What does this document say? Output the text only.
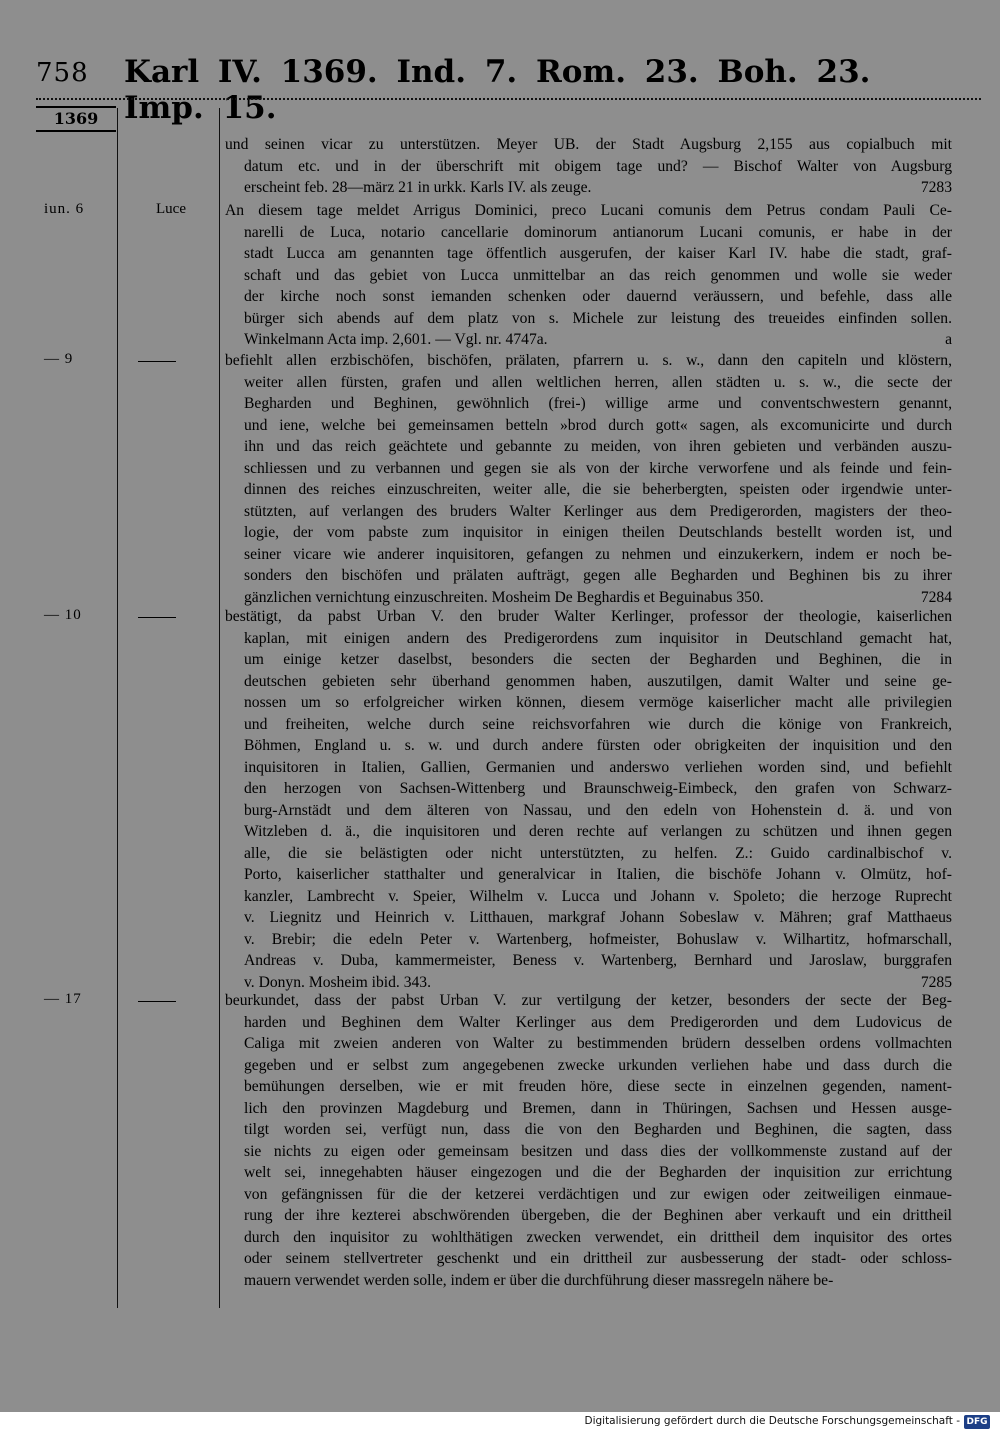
758 Karl IV. 1369. Ind. 7. Rom. 23. Boh. 23. Imp. 15.
1369
und seinen vicar zu unterstützen. Meyer UB. der Stadt Augsburg 2,155 aus copialbuch mit
datum etc. und in der überschrift mit obigem tage und? — Bischof Walter von Augsburg
erscheint feb. 28—märz 21 in urkk. Karls IV. als zeuge.	7283
iun. 6	Luce	An diesem tage meldet Arrigus Dominici, preco Lucani comunis dem Petrus condam Pauli Ce-
narelli de Luca, notario cancellarie dominorum antianorum Lucani comunis, er habe in der
stadt Lucca am genannten tage öffentlich ausgerufen, der kaiser Karl IV. habe die stadt, graf-
schaft und das gebiet von Lucca unmittelbar an das reich genommen und wolle sie weder
der kirche noch sonst iemanden schenken oder dauernd veräussern, und befehle, dass alle
bürger sich abends auf dem platz von s. Michele zur leistung des treueides einfinden sollen.
Winkelmann Acta imp. 2,601. — Vgl. nr. 4747a.	a
— 9	befiehlt allen erzbischöfen, bischöfen, prälaten, pfarrern u. s. w., dann den capiteln und klöstern,
weiter allen fürsten, grafen und allen weltlichen herren, allen städten u. s. w., die secte der
Begharden und Beghinen, gewöhnlich (frei-) willige arme und conventschwestern genannt,
und iene, welche bei gemeinsamen betteln »brod durch gott« sagen, als excomunicirte und durch
ihn und das reich geächtete und gebannte zu meiden, von ihren gebieten und verbänden auszu-
schliessen und zu verbannen und gegen sie als von der kirche verworfene und als feinde und fein-
dinnen des reiches einzuschreiten, weiter alle, die sie beherbergten, speisten oder irgendwie unter-
stützten, auf verlangen des bruders Walter Kerlinger aus dem Predigerorden, magisters der theo-
logie, der vom pabste zum inquisitor in einigen theilen Deutschlands bestellt worden ist, und
seiner vicare wie anderer inquisitoren, gefangen zu nehmen und einzukerkern, indem er noch be-
sonders den bischöfen und prälaten aufträgt, gegen alle Begharden und Beghinen bis zu ihrer
gänzlichen vernichtung einzuschreiten. Mosheim De Beghardis et Beguinabus 350.	7284
— 10	bestätigt, da pabst Urban V. den bruder Walter Kerlinger, professor der theologie, kaiserlichen
kaplan, mit einigen andern des Predigerordens zum inquisitor in Deutschland gemacht hat,
um einige ketzer daselbst, besonders die secten der Begharden und Beghinen, die in
deutschen gebieten sehr überhand genommen haben, auszutilgen, damit Walter und seine ge-
nossen um so erfolgreicher wirken können, diesem vermöge kaiserlicher macht alle privilegien
und freiheiten, welche durch seine reichsvorfahren wie durch die könige von Frankreich,
Böhmen, England u. s. w. und durch andere fürsten oder obrigkeiten der inquisition und den
inquisitoren in Italien, Gallien, Germanien und anderswo verliehen worden sind, und befiehlt
den herzogen von Sachsen-Wittenberg und Braunschweig-Eimbeck, den grafen von Schwarz-
burg-Arnstädt und dem älteren von Nassau, und den edeln von Hohenstein d. ä. und von
Witzleben d. ä., die inquisitoren und deren rechte auf verlangen zu schützen und ihnen gegen
alle, die sie belästigten oder nicht unterstützten, zu helfen. Z.: Guido cardinalbischof v.
Porto, kaiserlicher statthalter und generalvicar in Italien, die bischöfe Johann v. Olmütz, hof-
kanzler, Lambrecht v. Speier, Wilhelm v. Lucca und Johann v. Spoleto; die herzoge Ruprecht
v. Liegnitz und Heinrich v. Litthauen, markgraf Johann Sobeslaw v. Mähren; graf Matthaeus
v. Brebir; die edeln Peter v. Wartenberg, hofmeister, Bohuslaw v. Wilhartitz, hofmarschall,
Andreas v. Duba, kammermeister, Beness v. Wartenberg, Bernhard und Jaroslaw, burggrafen
v. Donyn. Mosheim ibid. 343.	7285
— 17	beurkundet, dass der pabst Urban V. zur vertilgung der ketzer, besonders der secte der Beg-
harden und Beghinen dem Walter Kerlinger aus dem Predigerorden und dem Ludovicus de
Caliga mit zweien anderen von Walter zu bestimmenden brüdern desselben ordens vollmachten
gegeben und er selbst zum angegebenen zwecke urkunden verliehen habe und dass durch die
bemühungen derselben, wie er mit freuden höre, diese secte in einzelnen gegenden, nament-
lich den provinzen Magdeburg und Bremen, dann in Thüringen, Sachsen und Hessen ausge-
tilgt worden sei, verfügt nun, dass die von den Begharden und Beghinen, die sagten, dass
sie nichts zu eigen oder gemeinsam besitzen und dass dies der vollkommenste zustand auf der
welt sei, innegehabten häuser eingezogen und die der Begharden der inquisition zur errichtung
von gefängnissen für die der ketzerei verdächtigen und zur ewigen oder zeitweiligen einmaue-
rung der ihre kezterei abschwörenden übergeben, die der Beghinen aber verkauft und ein drittheil
durch den inquisitor zu wohlthätigen zwecken verwendet, ein drittheil dem inquisitor des ortes
oder seinem stellvertreter geschenkt und ein drittheil zur ausbesserung der stadt- oder schloss-
mauern verwendet werden solle, indem er über die durchführung dieser massregeln nähere be-
Digitalisierung gefördert durch die Deutsche Forschungsgemeinschaft - DFG
